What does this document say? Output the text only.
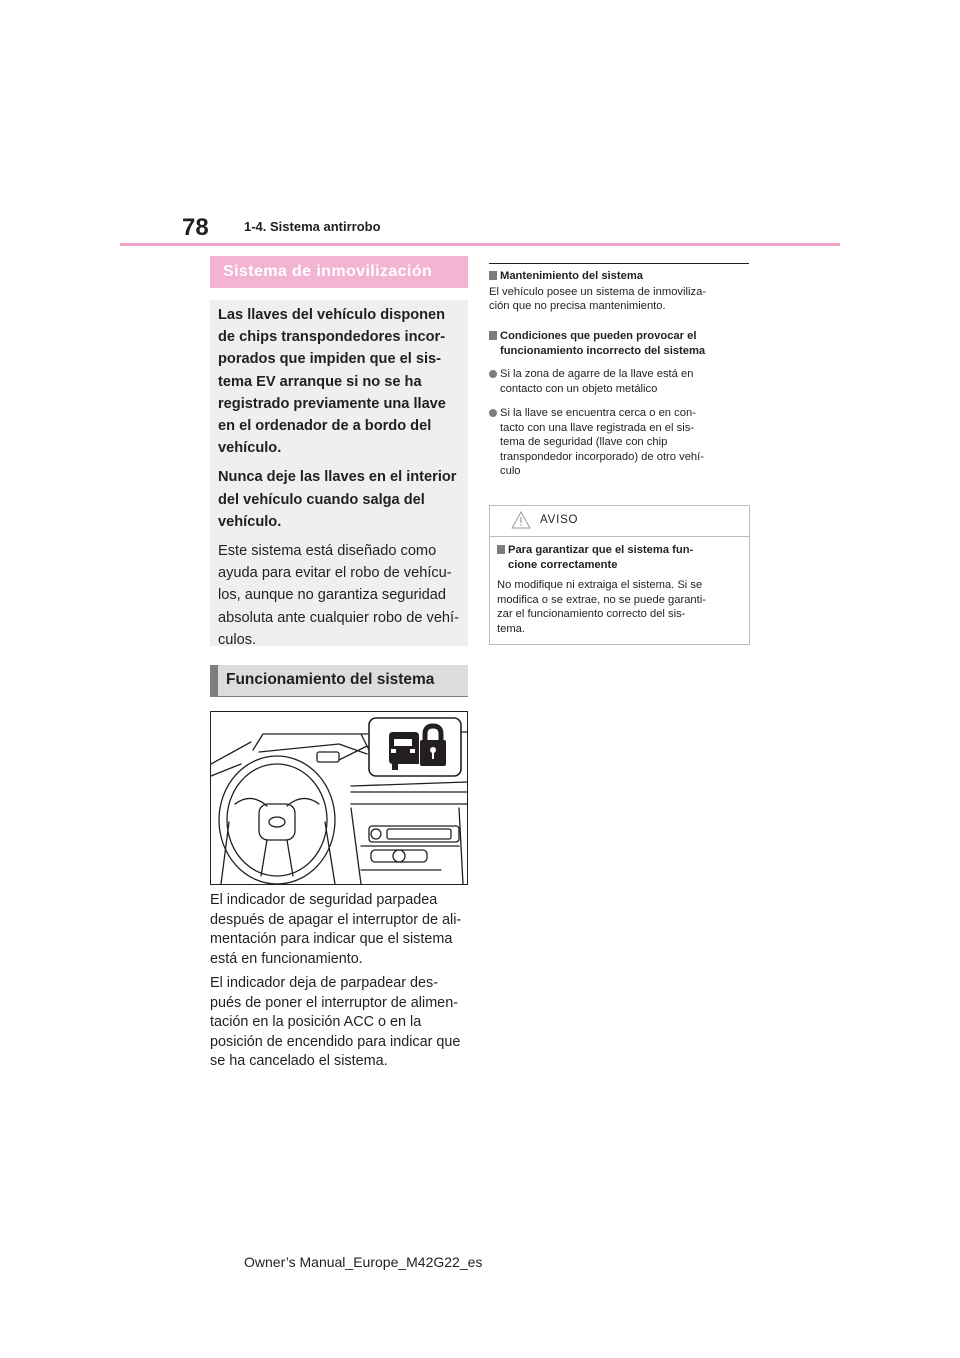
78	1-4. Sistema antirrobo
Sistema de inmovilización

Las llaves del vehículo disponen
de chips transpondedores incor-
porados que impiden que el sis-
tema EV arranque si no se ha
registrado previamente una llave
en el ordenador de a bordo del
vehículo.

Nunca deje las llaves en el interior
del vehículo cuando salga del
vehículo.

Este sistema está diseñado como
ayuda para evitar el robo de vehícu-
los, aunque no garantiza seguridad
absoluta ante cualquier robo de vehí-
culos.

Funcionamiento del sistema

El indicador de seguridad parpadea
después de apagar el interruptor de ali-
mentación para indicar que el sistema
está en funcionamiento.

El indicador deja de parpadear des-
pués de poner el interruptor de alimen-
tación en la posición ACC o en la
posición de encendido para indicar que
se ha cancelado el sistema.

Mantenimiento del sistema
El vehículo posee un sistema de inmoviliza-
ción que no precisa mantenimiento.
Condiciones que pueden provocar el
funcionamiento incorrecto del sistema
Si la zona de agarre de la llave está en
contacto con un objeto metálico
Si la llave se encuentra cerca o en con-
tacto con una llave registrada en el sis-
tema de seguridad (llave con chip
transpondedor incorporado) de otro vehí-
culo
AVISO
Para garantizar que el sistema fun-
cione correctamente
No modifique ni extraiga el sistema. Si se
modifica o se extrae, no se puede garanti-
zar el funcionamiento correcto del sis-
tema.
Owner’s Manual_Europe_M42G22_es
